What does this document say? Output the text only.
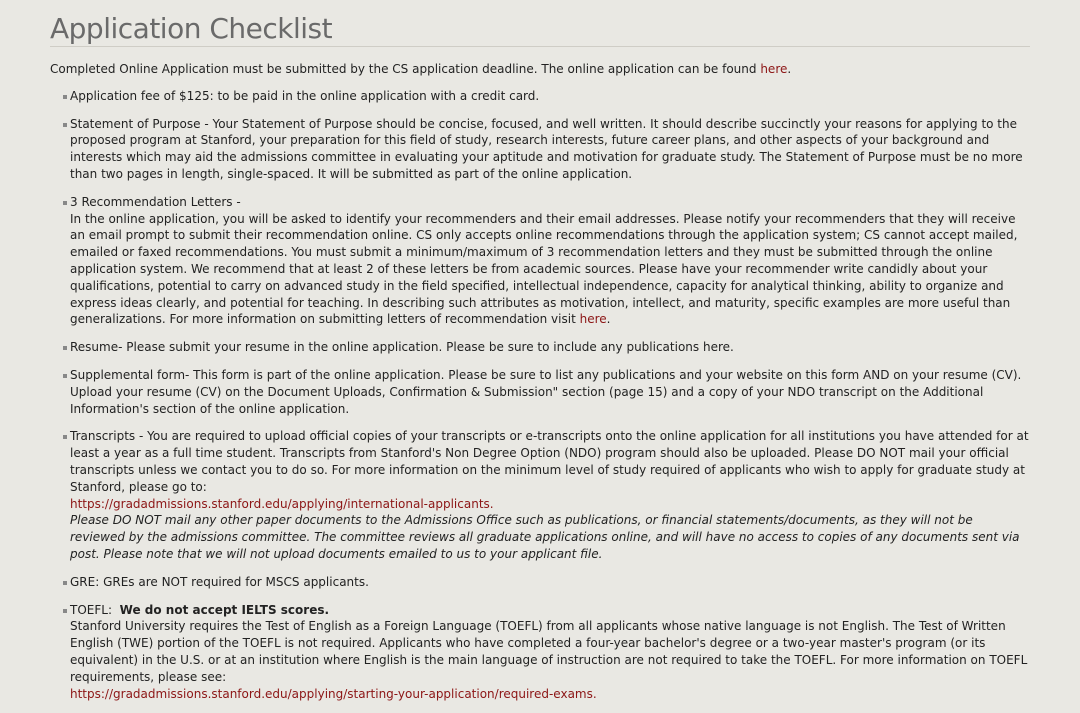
Application Checklist

Completed Online Application must be submitted by the CS application deadline. The online application can be found here.

Application fee of $125: to be paid in the online application with a credit card.
Statement of Purpose - Your Statement of Purpose should be concise, focused, and well written. It should describe succinctly your reasons for applying to the proposed program at Stanford, your preparation for this field of study, research interests, future career plans, and other aspects of your background and interests which may aid the admissions committee in evaluating your aptitude and motivation for graduate study. The Statement of Purpose must be no more than two pages in length, single-spaced. It will be submitted as part of the online application.
3 Recommendation Letters -
In the online application, you will be asked to identify your recommenders and their email addresses. Please notify your recommenders that they will receive an email prompt to submit their recommendation online. CS only accepts online recommendations through the application system; CS cannot accept mailed, emailed or faxed recommendations. You must submit a minimum/maximum of 3 recommendation letters and they must be submitted through the online application system. We recommend that at least 2 of these letters be from academic sources. Please have your recommender write candidly about your qualifications, potential to carry on advanced study in the field specified, intellectual independence, capacity for analytical thinking, ability to organize and express ideas clearly, and potential for teaching. In describing such attributes as motivation, intellect, and maturity, specific examples are more useful than generalizations. For more information on submitting letters of recommendation visit here.
Resume- Please submit your resume in the online application. Please be sure to include any publications here.
Supplemental form- This form is part of the online application. Please be sure to list any publications and your website on this form AND on your resume (CV). Upload your resume (CV) on the Document Uploads, Confirmation & Submission" section (page 15) and a copy of your NDO transcript on the Additional Information's section of the online application.
Transcripts - You are required to upload official copies of your transcripts or e-transcripts onto the online application for all institutions you have attended for at least a year as a full time student. Transcripts from Stanford's Non Degree Option (NDO) program should also be uploaded. Please DO NOT mail your official transcripts unless we contact you to do so. For more information on the minimum level of study required of applicants who wish to apply for graduate study at Stanford, please go to:
https://gradadmissions.stanford.edu/applying/international-applicants.
Please DO NOT mail any other paper documents to the Admissions Office such as publications, or financial statements/documents, as they will not be reviewed by the admissions committee. The committee reviews all graduate applications online, and will have no access to copies of any documents sent via post. Please note that we will not upload documents emailed to us to your applicant file.
GRE: GREs are NOT required for MSCS applicants.
TOEFL: We do not accept IELTS scores.
Stanford University requires the Test of English as a Foreign Language (TOEFL) from all applicants whose native language is not English. The Test of Written English (TWE) portion of the TOEFL is not required. Applicants who have completed a four-year bachelor's degree or a two-year master's program (or its equivalent) in the U.S. or at an institution where English is the main language of instruction are not required to take the TOEFL. For more information on TOEFL requirements, please see:
https://gradadmissions.stanford.edu/applying/starting-your-application/required-exams.
